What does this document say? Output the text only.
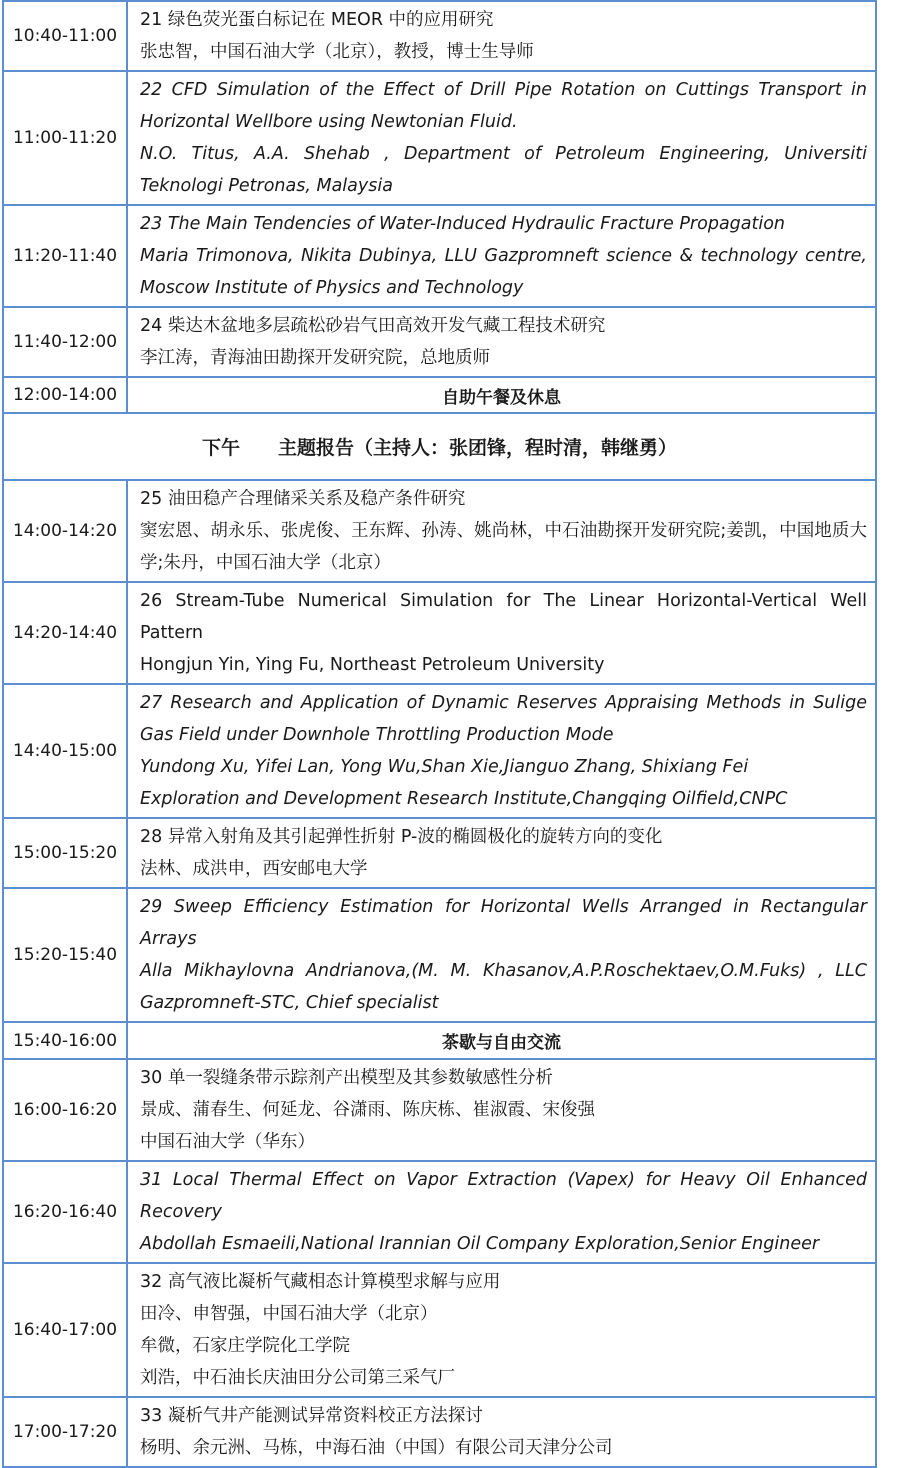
10:40-11:00	21 绿色荧光蛋白标记在 MEOR 中的应用研究
张忠智，中国石油大学（北京），教授，博士生导师

11:00-11:20	22 CFD Simulation of the Effect of Drill Pipe Rotation on Cuttings Transport in Horizontal Wellbore using Newtonian Fluid.
N.O. Titus, A.A. Shehab , Department of Petroleum Engineering, Universiti Teknologi Petronas, Malaysia

11:20-11:40	23 The Main Tendencies of Water-Induced Hydraulic Fracture Propagation
Maria Trimonova, Nikita Dubinya, LLU Gazpromneft science & technology centre, Moscow Institute of Physics and Technology

11:40-12:00	24 柴达木盆地多层疏松砂岩气田高效开发气藏工程技术研究
李江涛，青海油田勘探开发研究院，总地质师

12:00-14:00	自助午餐及休息
下午　　主题报告（主持人：张团锋，程时清，韩继勇）	
14:00-14:20	25 油田稳产合理储采关系及稳产条件研究
窦宏恩、胡永乐、张虎俊、王东辉、孙涛、姚尚林，中石油勘探开发研究院;姜凯，中国地质大学;朱丹，中国石油大学（北京）

14:20-14:40	26 Stream-Tube Numerical Simulation for The Linear Horizontal-Vertical Well Pattern
Hongjun Yin, Ying Fu, Northeast Petroleum University

14:40-15:00	27 Research and Application of Dynamic Reserves Appraising Methods in Sulige Gas Field under Downhole Throttling Production Mode
Yundong Xu, Yifei Lan, Yong Wu,Shan Xie,Jianguo Zhang, Shixiang Fei
Exploration and Development Research Institute,Changqing Oilfield,CNPC

15:00-15:20	28 异常入射角及其引起弹性折射 P-波的椭圆极化的旋转方向的变化
法林、成洪申，西安邮电大学

15:20-15:40	29 Sweep Efficiency Estimation for Horizontal Wells Arranged in Rectangular Arrays
Alla Mikhaylovna Andrianova,(M. M. Khasanov,A.P.Roschektaev,O.M.Fuks) , LLC Gazpromneft-STC, Chief specialist

15:40-16:00	茶歇与自由交流
16:00-16:20	30 单一裂缝条带示踪剂产出模型及其参数敏感性分析
景成、蒲春生、何延龙、谷潇雨、陈庆栋、崔淑霞、宋俊强
中国石油大学（华东）

16:20-16:40	31 Local Thermal Effect on Vapor Extraction (Vapex) for Heavy Oil Enhanced Recovery
Abdollah Esmaeili,National Irannian Oil Company Exploration,Senior Engineer

16:40-17:00	32 高气液比凝析气藏相态计算模型求解与应用
田冷、申智强，中国石油大学（北京）
牟微，石家庄学院化工学院
刘浩，中石油长庆油田分公司第三采气厂

17:00-17:20	33 凝析气井产能测试异常资料校正方法探讨
杨明、余元洲、马栋，中海石油（中国）有限公司天津分公司
